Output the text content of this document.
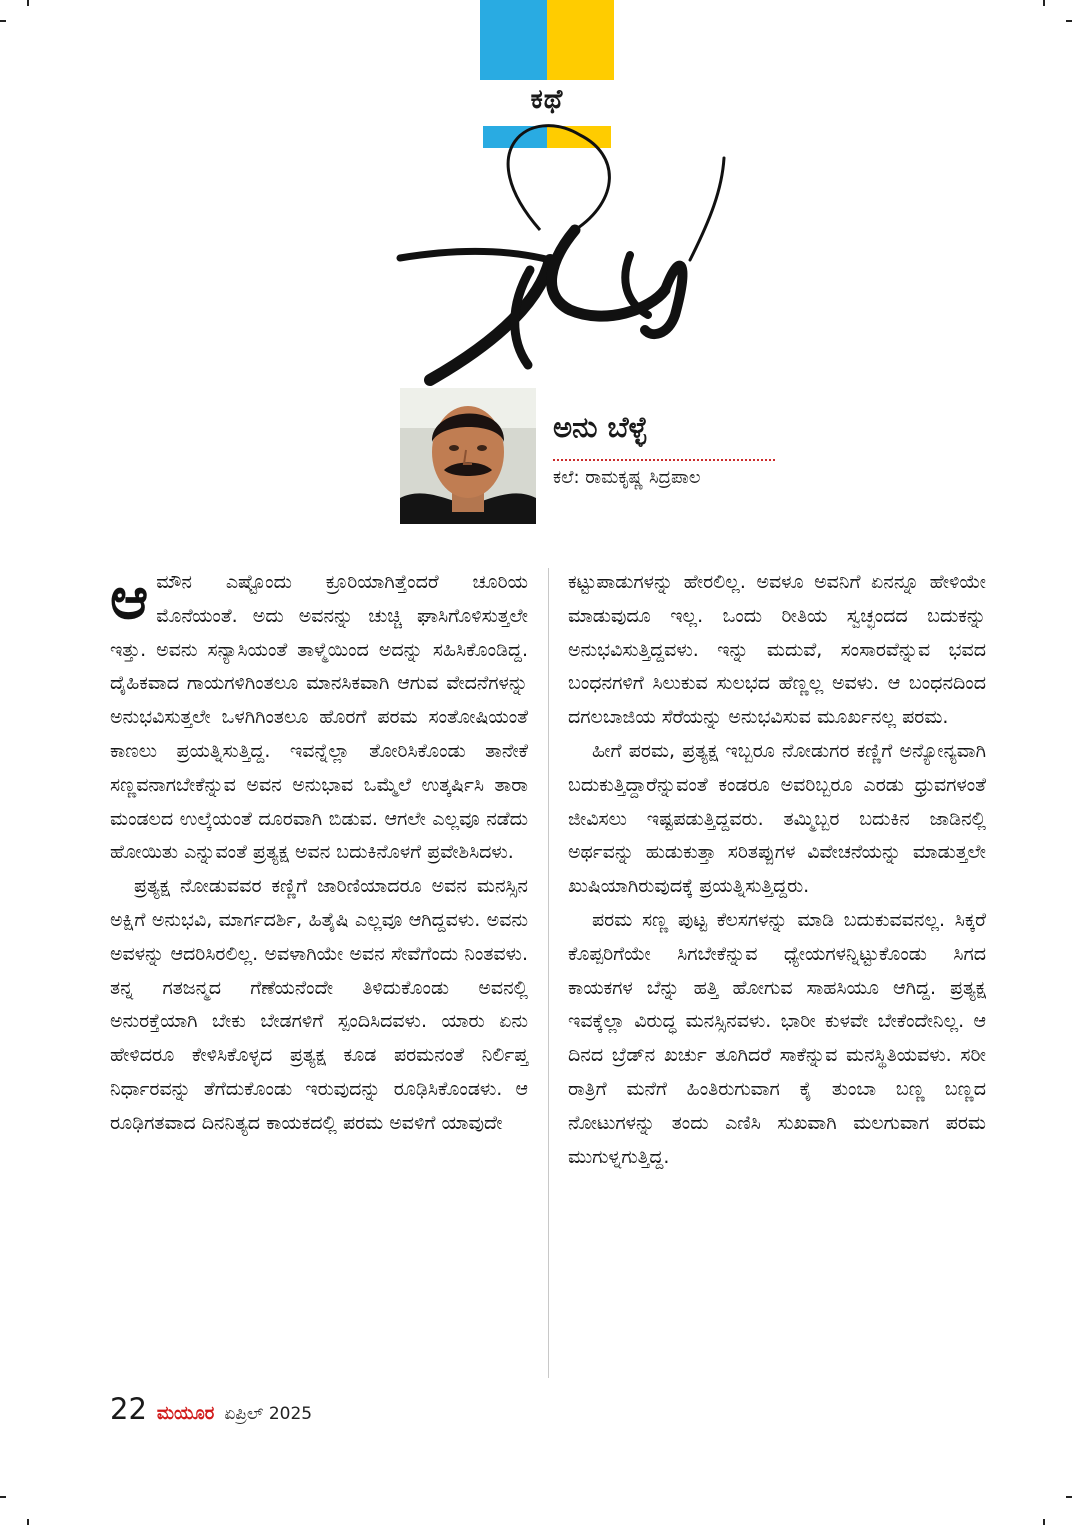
ಕಥೆ
ಅನು ಬೆಳ್ಳೆ
ಕಲೆ: ರಾಮಕೃಷ್ಣ ಸಿದ್ರಪಾಲ

ಆಮೌನ ಎಷ್ಟೊಂದು ಕ್ರೂರಿಯಾಗಿತ್ತೆಂದರೆ ಚೂರಿಯ ಮೊನೆಯಂತೆ. ಅದು ಅವನನ್ನು ಚುಚ್ಚಿ ಘಾಸಿಗೊಳಿಸುತ್ತಲೇ ಇತ್ತು. ಅವನು ಸನ್ಯಾಸಿಯಂತೆ ತಾಳ್ಮೆಯಿಂದ ಅದನ್ನು ಸಹಿಸಿಕೊಂಡಿದ್ದ. ದೈಹಿಕವಾದ ಗಾಯಗಳಿಗಿಂತಲೂ ಮಾನಸಿಕವಾಗಿ ಆಗುವ ವೇದನೆಗಳನ್ನು ಅನುಭವಿಸುತ್ತಲೇ ಒಳಗಿಗಿಂತಲೂ ಹೊರಗೆ ಪರಮ ಸಂತೋಷಿಯಂತೆ ಕಾಣಲು ಪ್ರಯತ್ನಿಸುತ್ತಿದ್ದ. ಇವನ್ನೆಲ್ಲಾ ತೋರಿಸಿಕೊಂಡು ತಾನೇಕೆ ಸಣ್ಣವನಾಗಬೇಕೆನ್ನುವ ಅವನ ಅನುಭಾವ ಒಮ್ಮೆಲೆ ಉತ್ಕರ್ಷಿಸಿ ತಾರಾ ಮಂಡಲದ ಉಲ್ಕೆಯಂತೆ ದೂರವಾಗಿ ಬಿಡುವ. ಆಗಲೇ ಎಲ್ಲವೂ ನಡೆದು ಹೋಯಿತು ಎನ್ನುವಂತೆ ಪ್ರತ್ಯಕ್ಷ ಅವನ ಬದುಕಿನೊಳಗೆ ಪ್ರವೇಶಿಸಿದಳು.

ಪ್ರತ್ಯಕ್ಷ ನೋಡುವವರ ಕಣ್ಣಿಗೆ ಜಾರಿಣಿಯಾದರೂ ಅವನ ಮನಸ್ಸಿನ ಅಕ್ಷಿಗೆ ಅನುಭವಿ, ಮಾರ್ಗದರ್ಶಿ, ಹಿತೈಷಿ ಎಲ್ಲವೂ ಆಗಿದ್ದವಳು. ಅವನು ಅವಳನ್ನು ಆದರಿಸಿರಲಿಲ್ಲ. ಅವಳಾಗಿಯೇ ಅವನ ಸೇವೆಗೆಂದು ನಿಂತವಳು. ತನ್ನ ಗತಜನ್ಮದ ಗೆಣೆಯನೆಂದೇ ತಿಳಿದುಕೊಂಡು ಅವನಲ್ಲಿ ಅನುರಕ್ತೆಯಾಗಿ ಬೇಕು ಬೇಡಗಳಿಗೆ ಸ್ಪಂದಿಸಿದವಳು. ಯಾರು ಏನು ಹೇಳಿದರೂ ಕೇಳಿಸಿಕೊಳ್ಳದ ಪ್ರತ್ಯಕ್ಷ ಕೂಡ ಪರಮನಂತೆ ನಿರ್ಲಿಪ್ತ ನಿರ್ಧಾರವನ್ನು ತೆಗೆದುಕೊಂಡು ಇರುವುದನ್ನು ರೂಢಿಸಿಕೊಂಡಳು. ಆ ರೂಢಿಗತವಾದ ದಿನನಿತ್ಯದ ಕಾಯಕದಲ್ಲಿ ಪರಮ ಅವಳಿಗೆ ಯಾವುದೇ

ಕಟ್ಟುಪಾಡುಗಳನ್ನು ಹೇರಲಿಲ್ಲ. ಅವಳೂ ಅವನಿಗೆ ಏನನ್ನೂ ಹೇಳಿಯೇ ಮಾಡುವುದೂ ಇಲ್ಲ. ಒಂದು ರೀತಿಯ ಸ್ವಚ್ಛಂದದ ಬದುಕನ್ನು ಅನುಭವಿಸುತ್ತಿದ್ದವಳು. ಇನ್ನು ಮದುವೆ, ಸಂಸಾರವೆನ್ನುವ ಭವದ ಬಂಧನಗಳಿಗೆ ಸಿಲುಕುವ ಸುಲಭದ ಹೆಣ್ಣಲ್ಲ ಅವಳು. ಆ ಬಂಧನದಿಂದ ದಗಲಬಾಜಿಯ ಸೆರೆಯನ್ನು ಅನುಭವಿಸುವ ಮೂರ್ಖನಲ್ಲ ಪರಮ.

ಹೀಗೆ ಪರಮ, ಪ್ರತ್ಯಕ್ಷ ಇಬ್ಬರೂ ನೋಡುಗರ ಕಣ್ಣಿಗೆ ಅನ್ಯೋನ್ಯವಾಗಿ ಬದುಕುತ್ತಿದ್ದಾರೆನ್ನುವಂತೆ ಕಂಡರೂ ಅವರಿಬ್ಬರೂ ಎರಡು ಧ್ರುವಗಳಂತೆ ಜೀವಿಸಲು ಇಷ್ಟಪಡುತ್ತಿದ್ದವರು. ತಮ್ಮಿಬ್ಬರ ಬದುಕಿನ ಜಾಡಿನಲ್ಲಿ ಅರ್ಥವನ್ನು ಹುಡುಕುತ್ತಾ ಸರಿತಪ್ಪುಗಳ ವಿವೇಚನೆಯನ್ನು ಮಾಡುತ್ತಲೇ ಖುಷಿಯಾಗಿರುವುದಕ್ಕೆ ಪ್ರಯತ್ನಿಸುತ್ತಿದ್ದರು.

ಪರಮ ಸಣ್ಣ ಪುಟ್ಟ ಕೆಲಸಗಳನ್ನು ಮಾಡಿ ಬದುಕುವವನಲ್ಲ. ಸಿಕ್ಕರೆ ಕೊಪ್ಪರಿಗೆಯೇ ಸಿಗಬೇಕೆನ್ನುವ ಧ್ಯೇಯಗಳನ್ನಿಟ್ಟುಕೊಂಡು ಸಿಗದ ಕಾಯಕಗಳ ಬೆನ್ನು ಹತ್ತಿ ಹೋಗುವ ಸಾಹಸಿಯೂ ಆಗಿದ್ದ. ಪ್ರತ್ಯಕ್ಷ ಇವಕ್ಕೆಲ್ಲಾ ವಿರುದ್ಧ ಮನಸ್ಸಿನವಳು. ಭಾರೀ ಕುಳವೇ ಬೇಕೆಂದೇನಿಲ್ಲ. ಆ ದಿನದ ಬ್ರೆಡ್‌ನ ಖರ್ಚು ತೂಗಿದರೆ ಸಾಕೆನ್ನುವ ಮನಸ್ಥಿತಿಯವಳು. ಸರೀ ರಾತ್ರಿಗೆ ಮನೆಗೆ ಹಿಂತಿರುಗುವಾಗ ಕೈ ತುಂಬಾ ಬಣ್ಣ ಬಣ್ಣದ ನೋಟುಗಳನ್ನು ತಂದು ಎಣಿಸಿ ಸುಖವಾಗಿ ಮಲಗುವಾಗ ಪರಮ ಮುಗುಳ್ನಗುತ್ತಿದ್ದ.

22 ಮಯೂರ ಏಪ್ರಿಲ್ 2025
